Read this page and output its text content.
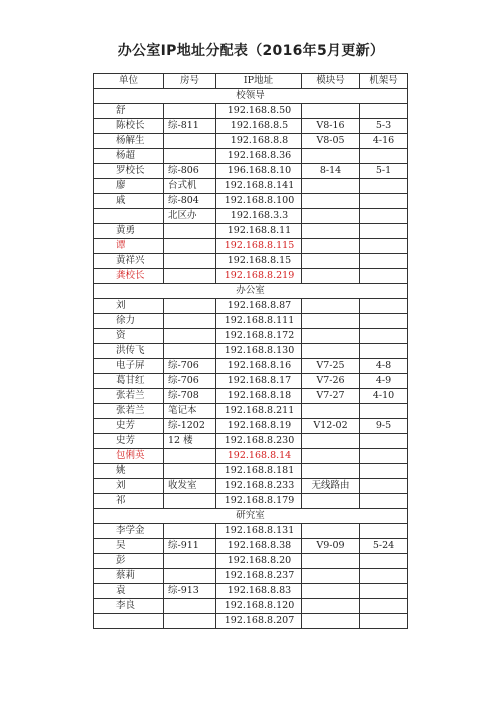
办公室IP地址分配表（2016年5月更新）
单位	房号	IP地址	模块号	机架号
校领导				
舒		192.168.8.50		
陈校长	综-811	192.168.8.5	V8-16	5-3
杨解生		192.168.8.8	V8-05	4-16
杨超		192.168.8.36		
罗校长	综-806	196.168.8.10	8-14	5-1
廖	台式机	192.168.8.141		
戚	综-804	192.168.8.100		
	北区办	192.168.3.3		
黄勇		192.168.8.11		
谭		192.168.8.115		
黄祥兴		192.168.8.15		
龚校长		192.168.8.219		
办公室				
刘		192.168.8.87		
徐力		192.168.8.111		
资		192.168.8.172		
洪传飞		192.168.8.130		
电子屏	综-706	192.168.8.16	V7-25	4-8
葛甘红	综-706	192.168.8.17	V7-26	4-9
张若兰	综-708	192.168.8.18	V7-27	4-10
张若兰	笔记本	192.168.8.211		
史芳	综-1202	192.168.8.19	V12-02	9-5
史芳	12 楼	192.168.8.230		
包俐英		192.168.8.14		
姚		192.168.8.181		
刘	收发室	192.168.8.233	无线路由	
祁		192.168.8.179		
研究室				
李学金		192.168.8.131		
吴	综-911	192.168.8.38	V9-09	5-24
彭		192.168.8.20		
蔡莉		192.168.8.237		
袁	综-913	192.168.8.83		
李良		192.168.8.120		
		192.168.8.207		
